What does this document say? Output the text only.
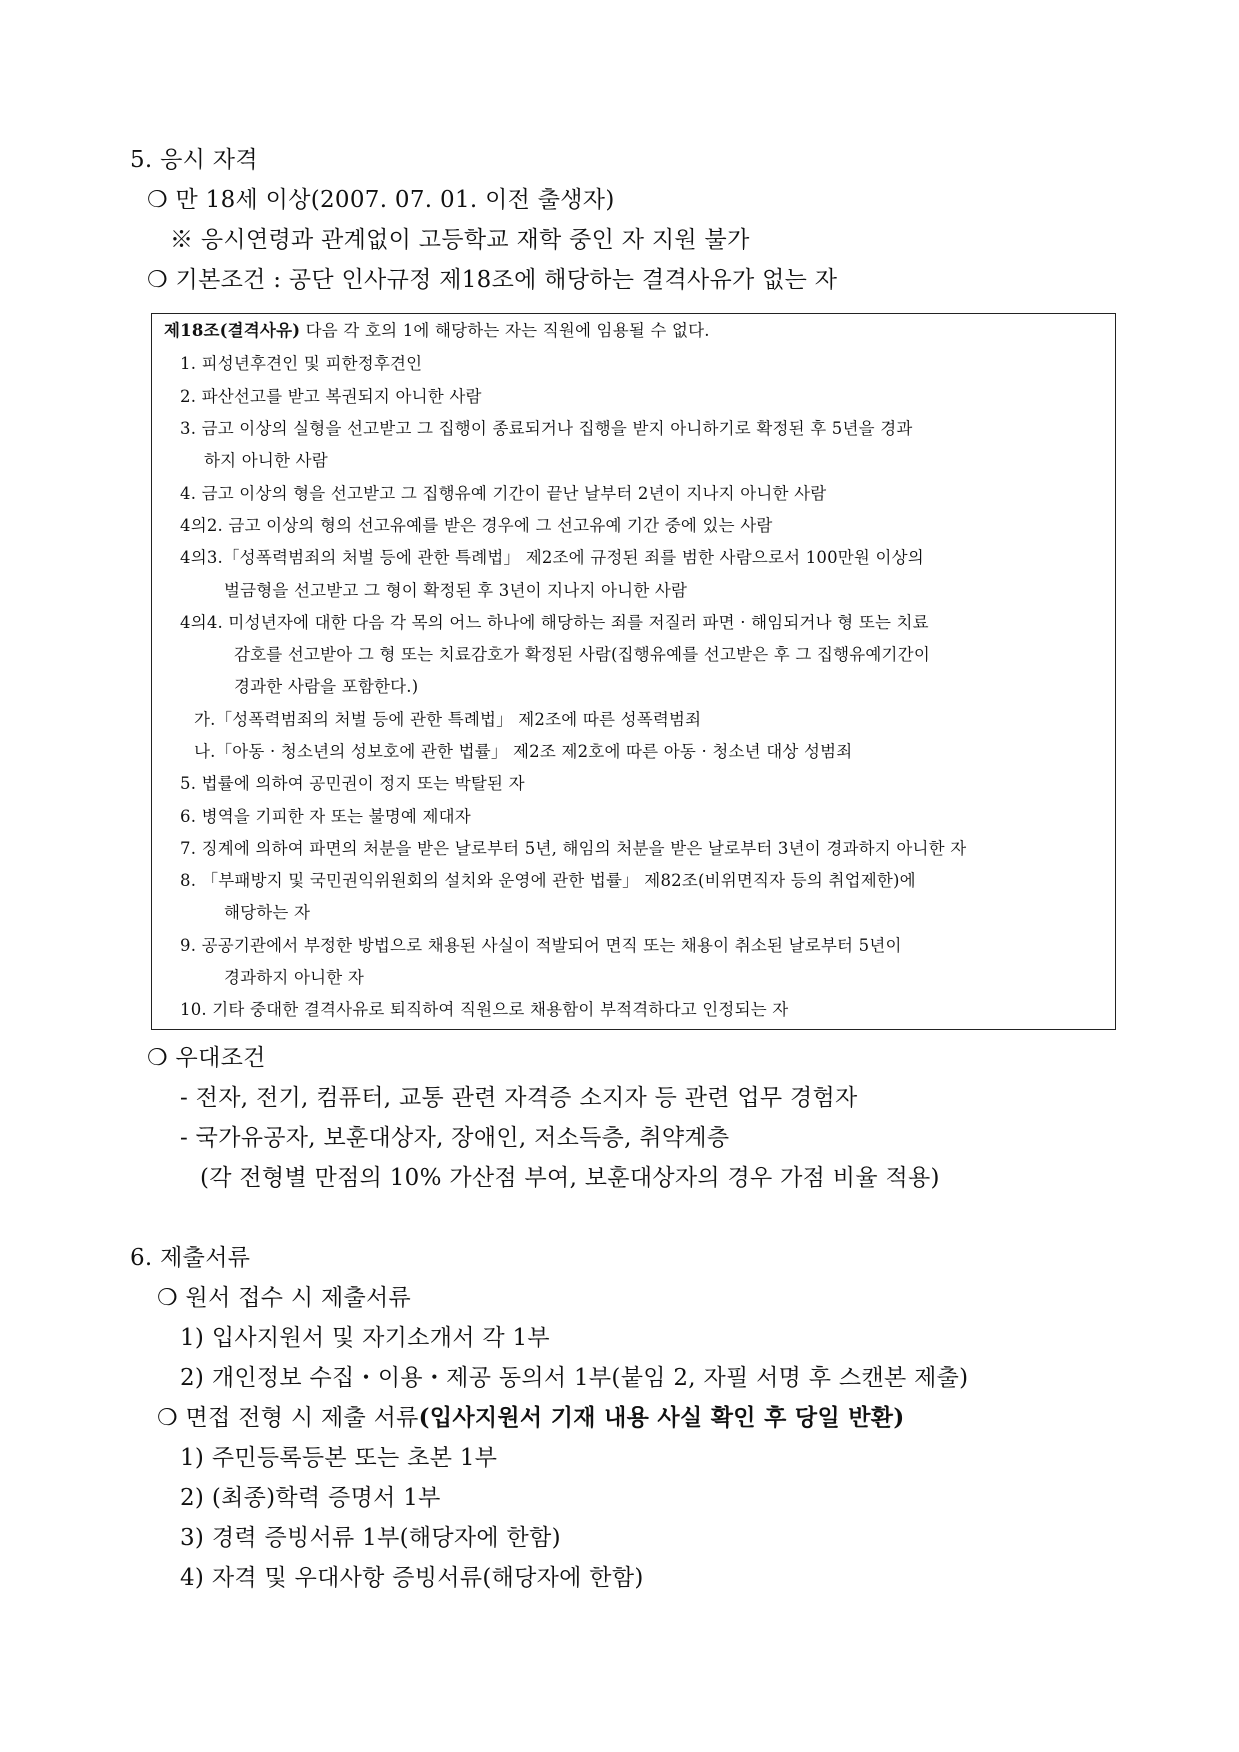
5. 응시 자격
❍ 만 18세 이상(2007. 07. 01. 이전 출생자)
※ 응시연령과 관계없이 고등학교 재학 중인 자 지원 불가
❍ 기본조건 : 공단 인사규정 제18조에 해당하는 결격사유가 없는 자
제18조(결격사유) 다음 각 호의 1에 해당하는 자는 직원에 임용될 수 없다.
1. 피성년후견인 및 피한정후견인
2. 파산선고를 받고 복권되지 아니한 사람
3. 금고 이상의 실형을 선고받고 그 집행이 종료되거나 집행을 받지 아니하기로 확정된 후 5년을 경과
하지 아니한 사람
4. 금고 이상의 형을 선고받고 그 집행유예 기간이 끝난 날부터 2년이 지나지 아니한 사람
4의2. 금고 이상의 형의 선고유예를 받은 경우에 그 선고유예 기간 중에 있는 사람
4의3.「성폭력범죄의 처벌 등에 관한 특례법」 제2조에 규정된 죄를 범한 사람으로서 100만원 이상의
벌금형을 선고받고 그 형이 확정된 후 3년이 지나지 아니한 사람
4의4. 미성년자에 대한 다음 각 목의 어느 하나에 해당하는 죄를 저질러 파면 · 해임되거나 형 또는 치료
감호를 선고받아 그 형 또는 치료감호가 확정된 사람(집행유예를 선고받은 후 그 집행유예기간이
경과한 사람을 포함한다.)
가.「성폭력범죄의 처벌 등에 관한 특례법」 제2조에 따른 성폭력범죄
나.「아동 · 청소년의 성보호에 관한 법률」 제2조 제2호에 따른 아동 · 청소년 대상 성범죄
5. 법률에 의하여 공민권이 정지 또는 박탈된 자
6. 병역을 기피한 자 또는 불명예 제대자
7. 징계에 의하여 파면의 처분을 받은 날로부터 5년, 해임의 처분을 받은 날로부터 3년이 경과하지 아니한 자
8. 「부패방지 및 국민권익위원회의 설치와 운영에 관한 법률」 제82조(비위면직자 등의 취업제한)에
해당하는 자
9. 공공기관에서 부정한 방법으로 채용된 사실이 적발되어 면직 또는 채용이 취소된 날로부터 5년이
경과하지 아니한 자
10. 기타 중대한 결격사유로 퇴직하여 직원으로 채용함이 부적격하다고 인정되는 자
❍ 우대조건
- 전자, 전기, 컴퓨터, 교통 관련 자격증 소지자 등 관련 업무 경험자
- 국가유공자, 보훈대상자, 장애인, 저소득층, 취약계층
(각 전형별 만점의 10% 가산점 부여, 보훈대상자의 경우 가점 비율 적용)
6. 제출서류
❍ 원서 접수 시 제출서류
1) 입사지원서 및 자기소개서 각 1부
2) 개인정보 수집・이용・제공 동의서 1부(붙임 2, 자필 서명 후 스캔본 제출)
❍ 면접 전형 시 제출 서류(입사지원서 기재 내용 사실 확인 후 당일 반환)
1) 주민등록등본 또는 초본 1부
2) (최종)학력 증명서 1부
3) 경력 증빙서류 1부(해당자에 한함)
4) 자격 및 우대사항 증빙서류(해당자에 한함)
